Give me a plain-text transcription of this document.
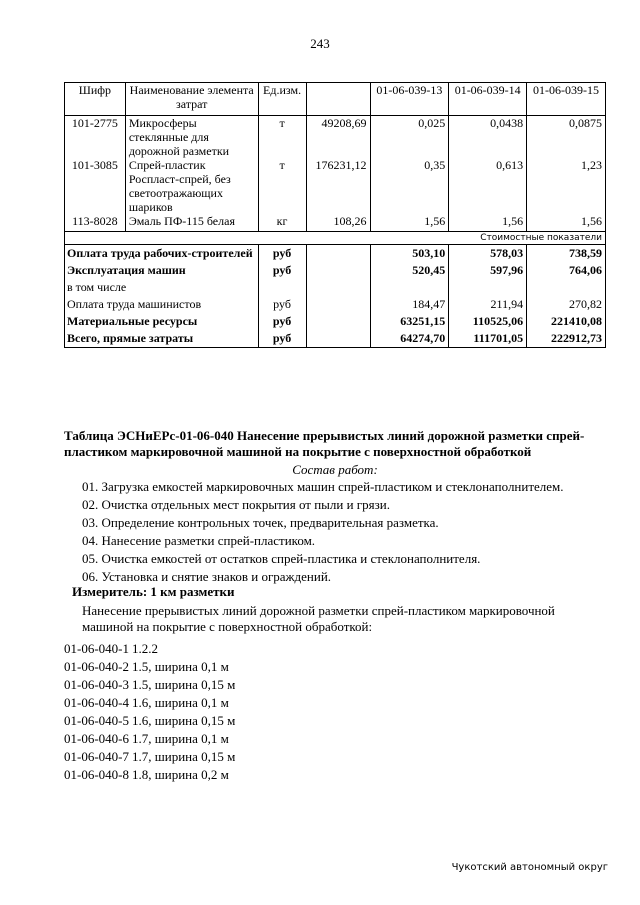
243
Шифр	Наименование элемента затрат	Ед.изм.		01-06-039-13	01-06-039-14	01-06-039-15
101-2775	Микросферы стеклянные для дорожной разметки	т	49208,69	0,025	0,0438	0,0875
101-3085	Спрей-пластик Роспласт-спрей, без светоотражающих шариков	т	176231,12	0,35	0,613	1,23
113-8028	Эмаль ПФ-115 белая	кг	108,26	1,56	1,56	1,56
				Стоимостные показатели		
Оплата труда рабочих-строителей		руб		503,10	578,03	738,59
Эксплуатация машин		руб		520,45	597,96	764,06
в том числе						
Оплата труда машинистов		руб		184,47	211,94	270,82
Материальные ресурсы		руб		63251,15	110525,06	221410,08
Всего, прямые затраты		руб		64274,70	111701,05	222912,73
Таблица ЭСНиЕРс-01-06-040 Нанесение прерывистых линий дорожной разметки спрей-пластиком маркировочной машиной на покрытие с поверхностной обработкой
Состав работ:
01. Загрузка емкостей маркировочных машин спрей-пластиком и стеклонаполнителем.
02. Очистка отдельных мест покрытия от пыли и грязи.
03. Определение контрольных точек, предварительная разметка.
04. Нанесение разметки спрей-пластиком.
05. Очистка емкостей от остатков спрей-пластика и стеклонаполнителя.
06. Установка и снятие знаков и ограждений.
Измеритель: 1 км разметки
Нанесение прерывистых линий дорожной разметки спрей-пластиком маркировочной машиной на покрытие с поверхностной обработкой:
01-06-040-1 1.2.2
01-06-040-2 1.5, ширина 0,1 м
01-06-040-3 1.5, ширина 0,15 м
01-06-040-4 1.6, ширина 0,1 м
01-06-040-5 1.6, ширина 0,15 м
01-06-040-6 1.7, ширина 0,1 м
01-06-040-7 1.7, ширина 0,15 м
01-06-040-8 1.8, ширина 0,2 м
Чукотский автономный округ
